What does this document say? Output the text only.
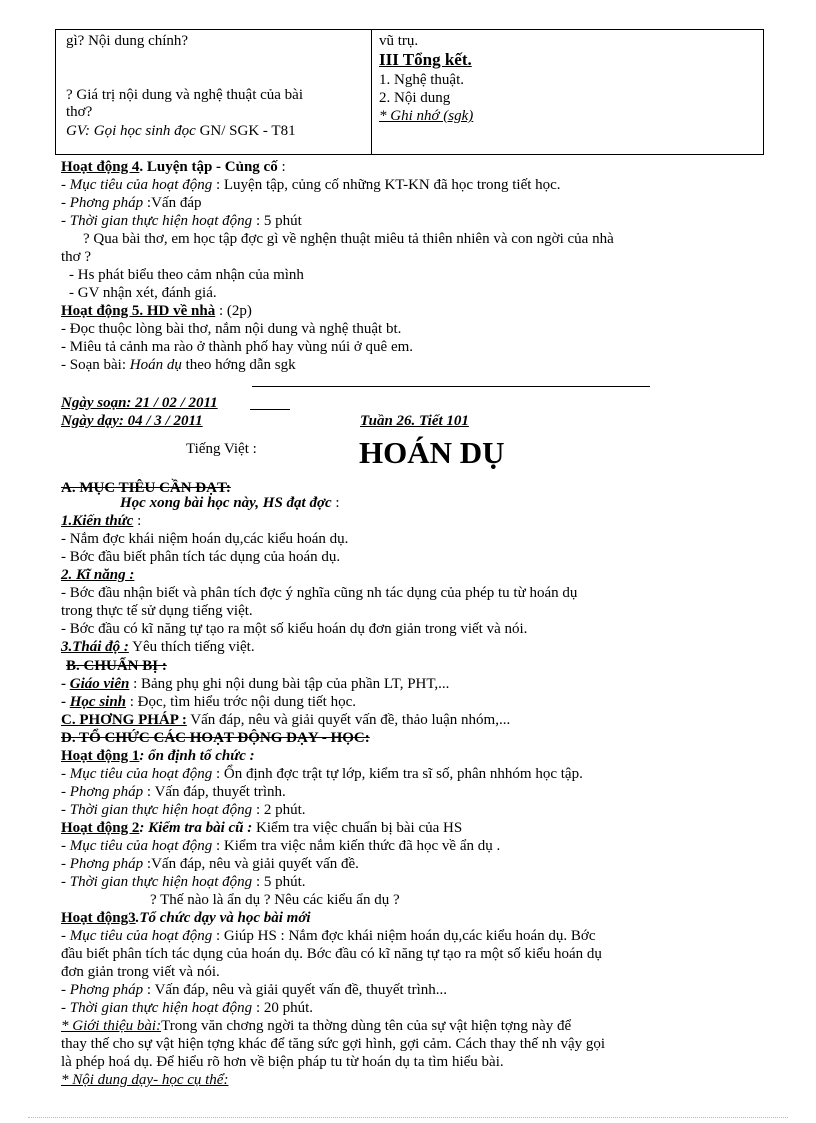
gì? Nội dung chính?
? Giá trị nội dung và nghệ thuật của bài
thơ?
GV: Gọi học sinh đọc GN/ SGK - T81
vũ trụ.
III Tổng kết.
1. Nghệ thuật.
2. Nội dung
* Ghi nhớ (sgk)
Hoạt động 4. Luyện tập - Củng cố :
- Mục tiêu của hoạt động : Luyện tập, củng cố những KT-KN đã học trong tiết học.
- Phơng pháp :Vấn đáp
- Thời gian thực hiện hoạt động : 5 phút
? Qua bài thơ, em học tập đợc gì về nghện thuật miêu tả thiên nhiên và con ngời của nhà
thơ ?
- Hs phát biểu theo cảm nhận của mình
- GV nhận xét, đánh giá.
Hoạt động 5. HD về nhà : (2p)
- Đọc thuộc lòng bài thơ, nắm nội dung và nghệ thuật bt.
- Miêu tả cảnh ma rào ở thành phố hay vùng núi ở quê em.
- Soạn bài: Hoán dụ theo hớng dẫn sgk
Ngày soạn: 21 / 02 / 2011
Ngày dạy: 04 / 3 / 2011	Tuần 26. Tiết 101
Tiếng Việt :	HOÁN DỤ
A. MỤC TIÊU CẦN ĐẠT:
Học xong bài học này, HS đạt đợc :
1.Kiến thức :
- Nắm đợc khái niệm hoán dụ,các kiểu hoán dụ.
- Bớc đầu biết phân tích tác dụng của hoán dụ.
2. Kĩ năng :
- Bớc đầu nhận biết và phân tích đợc ý nghĩa cũng nh tác dụng của phép tu từ hoán dụ
trong thực tế sử dụng tiếng việt.
- Bớc đầu có kĩ năng tự tạo ra một số kiểu hoán dụ đơn giản trong viết và nói.
3.Thái độ : Yêu thích tiếng việt.
B. CHUẨN BỊ :
- Giáo viên : Bảng phụ ghi nội dung bài tập của phần LT, PHT,...
- Học sinh : Đọc, tìm hiểu trớc nội dung tiết học.
C. PHƠNG PHÁP : Vấn đáp, nêu và giải quyết vấn đề, thảo luận nhóm,...
D. TỔ CHỨC CÁC HOẠT ĐỘNG DẠY - HỌC:
Hoạt động 1: ổn định tổ chức :
- Mục tiêu của hoạt động : Ổn định đợc trật tự lớp, kiểm tra sĩ số, phân nhhóm học tập.
- Phơng pháp : Vấn đáp, thuyết trình.
- Thời gian thực hiện hoạt động : 2 phút.
Hoạt động 2: Kiểm tra bài cũ : Kiểm tra việc chuẩn bị bài của HS
- Mục tiêu của hoạt động : Kiểm tra việc nắm kiến thức đã học về ẩn dụ .
- Phơng pháp :Vấn đáp, nêu và giải quyết vấn đề.
- Thời gian thực hiện hoạt động : 5 phút.
? Thế nào là ẩn dụ ? Nêu các kiểu ẩn dụ ?
Hoạt động3.Tổ chức dạy và học bài mới
- Mục tiêu của hoạt động : Giúp HS : Nắm đợc khái niệm hoán dụ,các kiểu hoán dụ. Bớc
đầu biết phân tích tác dụng của hoán dụ. Bớc đầu có kĩ năng tự tạo ra một số kiểu hoán dụ
đơn giản trong viết và nói.
- Phơng pháp : Vấn đáp, nêu và giải quyết vấn đề, thuyết trình...
- Thời gian thực hiện hoạt động : 20 phút.
* Giới thiệu bài:Trong văn chơng ngời ta thờng dùng tên của sự vật hiện tợng này để
thay thế cho sự vật hiện tợng khác để tăng sức gợi hình, gợi cảm. Cách thay thế nh vậy gọi
là phép hoá dụ. Để hiểu rõ hơn về biện pháp tu từ hoán dụ ta tìm hiểu bài.
* Nội dung dạy- học cụ thể:
